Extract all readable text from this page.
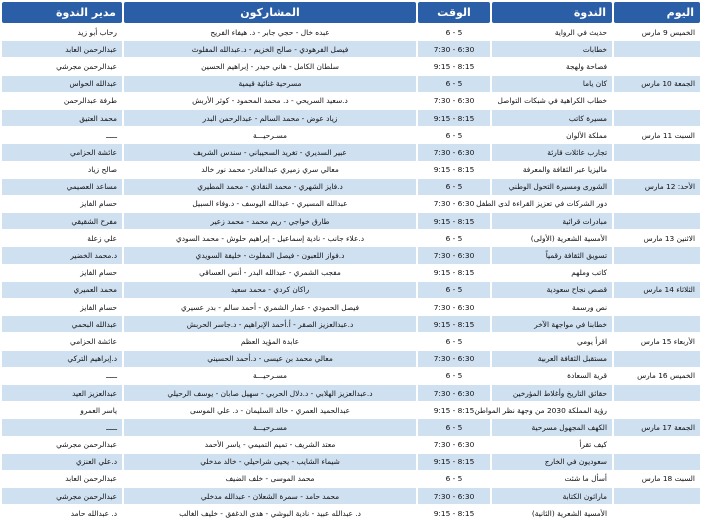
اليوم	الندوة	الوقت	المشاركون	مدير الندوة
الخميس 9 مارس	حديث في الرواية	6 - 5	عبده خال - حجي جابر - د. هيفاء الفريح	رحاب أبو زيد
	خطابات	7:30 - 6:30	فيصل الفرهودي - صالح الخزيم - د.عبدالله المفلوث	عبدالرحمن العابد
	فصاحة ولهجة	9:15 - 8:15	سلطان الكامل - هاني حيدر - إبراهيم الحسين	عبدالرحمن مجرشي
الجمعة 10 مارس	كان ياما	6 - 5	مسرحية غنائية قيمية	عبدالله الحواس
	خطاب الكراهية في شبكات التواصل	7:30 - 6:30	د.سعيد السريحي - د. محمد المحمود - كوثر الأربش	طرفة عبدالرحمن
	مسيرة كاتب	9:15 - 8:15	زياد عوض - محمد السالم - عبدالرحمن البدر	محمد العتيق
السبت 11 مارس	مملكة الألوان	6 - 5	مسـرحيـــة	ـــــ
	تجارب عائلات قارئة	7:30 - 6:30	عبير السديري - تغريد السحيباني - سندس الشريف	عائشة الحزامي
	ماليزيا عبر الثقافة والمعرفة	9:15 - 8:15	معالي سري زميري عبدالقادر- محمد نور خالد	صالح زياد
الأحد: 12 مارس	الشورى ومسيرة التحول الوطني	6 - 5	د.فايز الشهري - محمد النقادي - محمد المطيري	مساعد العصيمي
	دور الشركات في تعزيز القراءة لدى الطفل	7:30 - 6:30	عبدالله المسيري - عبدالله اليوسف - د.وفاء السبيل	حسام الفايز
	مبادرات قرائية	9:15 - 8:15	طارق خواجي - ريم محمد - محمد زعير	مفرح الشقيقي
الاثنين 13 مارس	الأمسية الشعرية (الأولى)	6 - 5	د.علاء جانب - نادية إسماعيل - إبراهيم حلوش - محمد السودي	علي زعلة
	تسويق الثقافة رقمياً	7:30 - 6:30	د.فواز اللعبون - فيصل المفلوث - خليفة السويدي	د.محمد الخضير
	كاتب وملهم	9:15 - 8:15	مفجب الشمري - عبدالله البدر - أنس العساقي	حسام الفايز
الثلاثاء 14 مارس	قصص نجاح سعودية	6 - 5	راكان كردي - محمد سعيد	محمد العميري
	نص ورسمة	7:30 - 6:30	فيصل الحمودي - عمار الشمري - أحمد سالم - بدر عسيري	حسام الفايز
	خطابنا في مواجهة الآخر	9:15 - 8:15	د.عبدالعزيز الصقر - أ.أحمد الإبراهيم - د.جاسر الحربش	عبدالله البحمي
الأربعاء 15 مارس	اقرأ يومي	6 - 5	عابدة المؤيد العظم	عائشة الحزامي
	مستقبل الثقافة العربية	7:30 - 6:30	معالي محمد بن عيسى - د.أحمد الحسيني	د.إبراهيم التركي
الخميس 16 مارس	قرية السعادة	6 - 5	مسـرحيـــة	ـــــ
	حقائق التاريخ وأغلاط المؤرخين	7:30 - 6:30	د.عبدالعزيز الهلابي - د.دلال الحربي - سهيل صابان - يوسف الرحيلي	عبدالعزيز العيد
	رؤية المملكة 2030 من وجهة نظر المواطن	9:15 - 8:15	عبدالحميد العمري - خالد السليمان - د. علي الموسى	ياسر العمرو
الجمعة 17 مارس	الكهف المجهول مسرحية	6 - 5	مسـرحيـــة	ـــــ
	كيف تقرأ	7:30 - 6:30	معتد الشريف - تميم التميمي - ياسر الأحمد	عبدالرحمن مجرشي
	سعوديون في الخارج	9:15 - 8:15	شيماء الشايب - يحيى شراحيلي - خالد مدخلي	د.علي العنزي
السبت 18 مارس	أسأل ما شئت	6 - 5	محمد الموسى - خلف الضيف	عبدالرحمن العابد
	ماراثون الكتابة	7:30 - 6:30	محمد حامد - سمرة الشعلان - عبدالله مدخلي	عبدالرحمن مجرشي
	الأمسية الشعرية (الثانية)	9:15 - 8:15	د. عبدالله عبيد - نادية البوشي - هدى الدغفق - خليف الغالب	د. عبدالله حامد
